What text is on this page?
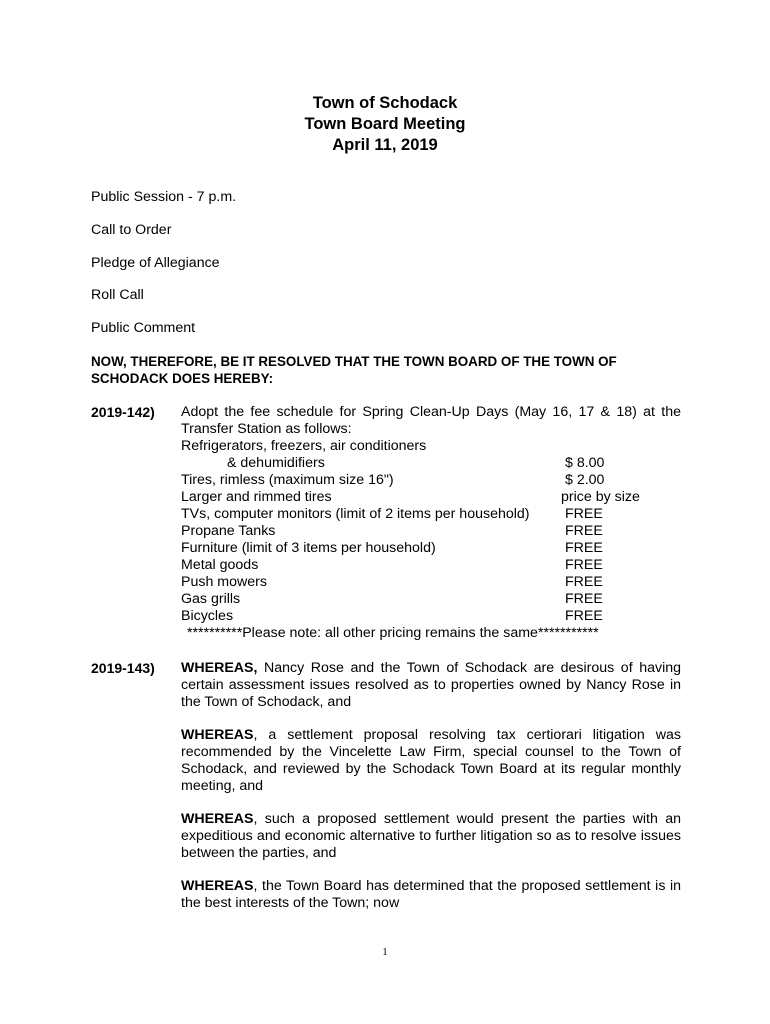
Town of Schodack
Town Board Meeting
April 11, 2019
Public Session - 7 p.m.
Call to Order
Pledge of Allegiance
Roll Call
Public Comment
NOW, THEREFORE, BE IT RESOLVED THAT THE TOWN BOARD OF THE TOWN OF SCHODACK DOES HEREBY:
2019-142) Adopt the fee schedule for Spring Clean-Up Days (May 16, 17 & 18) at the Transfer Station as follows:
Refrigerators, freezers, air conditioners
& dehumidifiers	$ 8.00
Tires, rimless (maximum size 16")	$ 2.00
Larger and rimmed tires	price by size
TVs, computer monitors (limit of 2 items per household) FREE
Propane Tanks	FREE
Furniture (limit of 3 items per household)	FREE
Metal goods	FREE
Push mowers	FREE
Gas grills	FREE
Bicycles	FREE
**********Please note: all other pricing remains the same***********
2019-143) WHEREAS, Nancy Rose and the Town of Schodack are desirous of having certain assessment issues resolved as to properties owned by Nancy Rose in the Town of Schodack, and

WHEREAS, a settlement proposal resolving tax certiorari litigation was recommended by the Vincelette Law Firm, special counsel to the Town of Schodack, and reviewed by the Schodack Town Board at its regular monthly meeting, and

WHEREAS, such a proposed settlement would present the parties with an expeditious and economic alternative to further litigation so as to resolve issues between the parties, and

WHEREAS, the Town Board has determined that the proposed settlement is in the best interests of the Town; now

1
